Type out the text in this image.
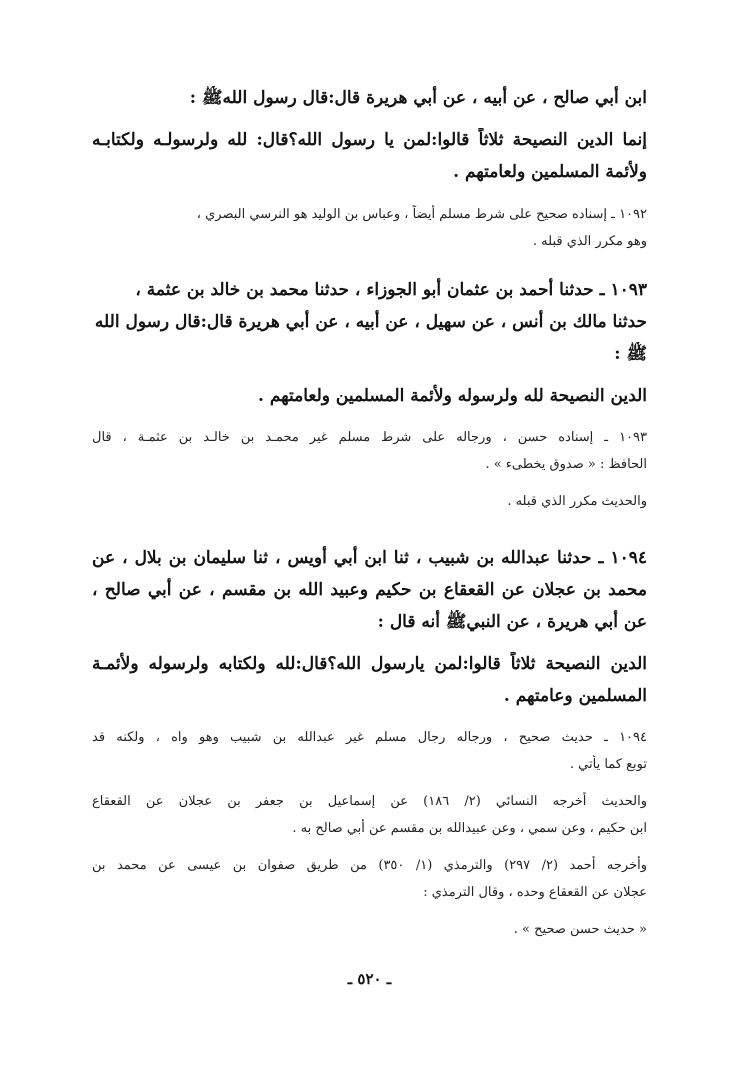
ابن أبي صالح ، عن أبيه ، عن أبي هريرة قال:قال رسول اللهﷺ :
إنما الدين النصيحة ثلاثاً قالوا:لمن يا رسول الله؟قال: لله ولرسولـه ولكتابـه
ولأئمة المسلمين ولعامتهم .
١٠٩٢ ـ إسناده صحيح على شرط مسلم أيضاً ، وعباس بن الوليد هو النرسي البصري ،
وهو مكرر الذي قبله .
١٠٩٣ ـ حدثنا أحمد بن عثمان أبو الجوزاء ، حدثنا محمد بن خالد بن عثمة ،
حدثنا مالك بن أنس ، عن سهيل ، عن أبيه ، عن أبي هريرة قال:قال رسول الله
ﷺ :
الدين النصيحة لله ولرسوله ولأئمة المسلمين ولعامتهم .
١٠٩٣ ـ إسناده حسن ، ورجاله على شرط مسلم غير محمـد بن خالـد بن عثمـة ، قال
الحافظ : « صدوق يخطىء » .
والحديث مكرر الذي قبله .
١٠٩٤ ـ حدثنا عبدالله بن شبيب ، ثنا ابن أبي أويس ، ثنا سليمان بن بلال ، عن
محمد بن عجلان عن القعقاع بن حكيم وعبيد الله بن مقسم ، عن أبي صالح ،
عن أبي هريرة ، عن النبيﷺ أنه قال :
الدين النصيحة ثلاثاً قالوا:لمن يارسول الله؟قال:لله ولكتابه ولرسوله ولأئمـة
المسلمين وعامتهم .
١٠٩٤ ـ حديث صحيح ، ورجاله رجال مسلم غير عبدالله بن شبيب وهو واه ، ولكنه قد
توبع كما يأتي .
والحديث أخرجه النسائي (٢/ ١٨٦) عن إسماعيل بن جعفر بن عجلان عن القعقاع
ابن حكيم ، وعن سمي ، وعن عبيدالله بن مقسم عن أبي صالح به .
وأخرجه أحمد (٢/ ٢٩٧) والترمذي (١/ ٣٥٠) من طريق صفوان بن عيسى عن محمد بن
عجلان عن القعقاع وحده ، وقال الترمذي :
« حديث حسن صحيح » .
ـ ٥٢٠ ـ
